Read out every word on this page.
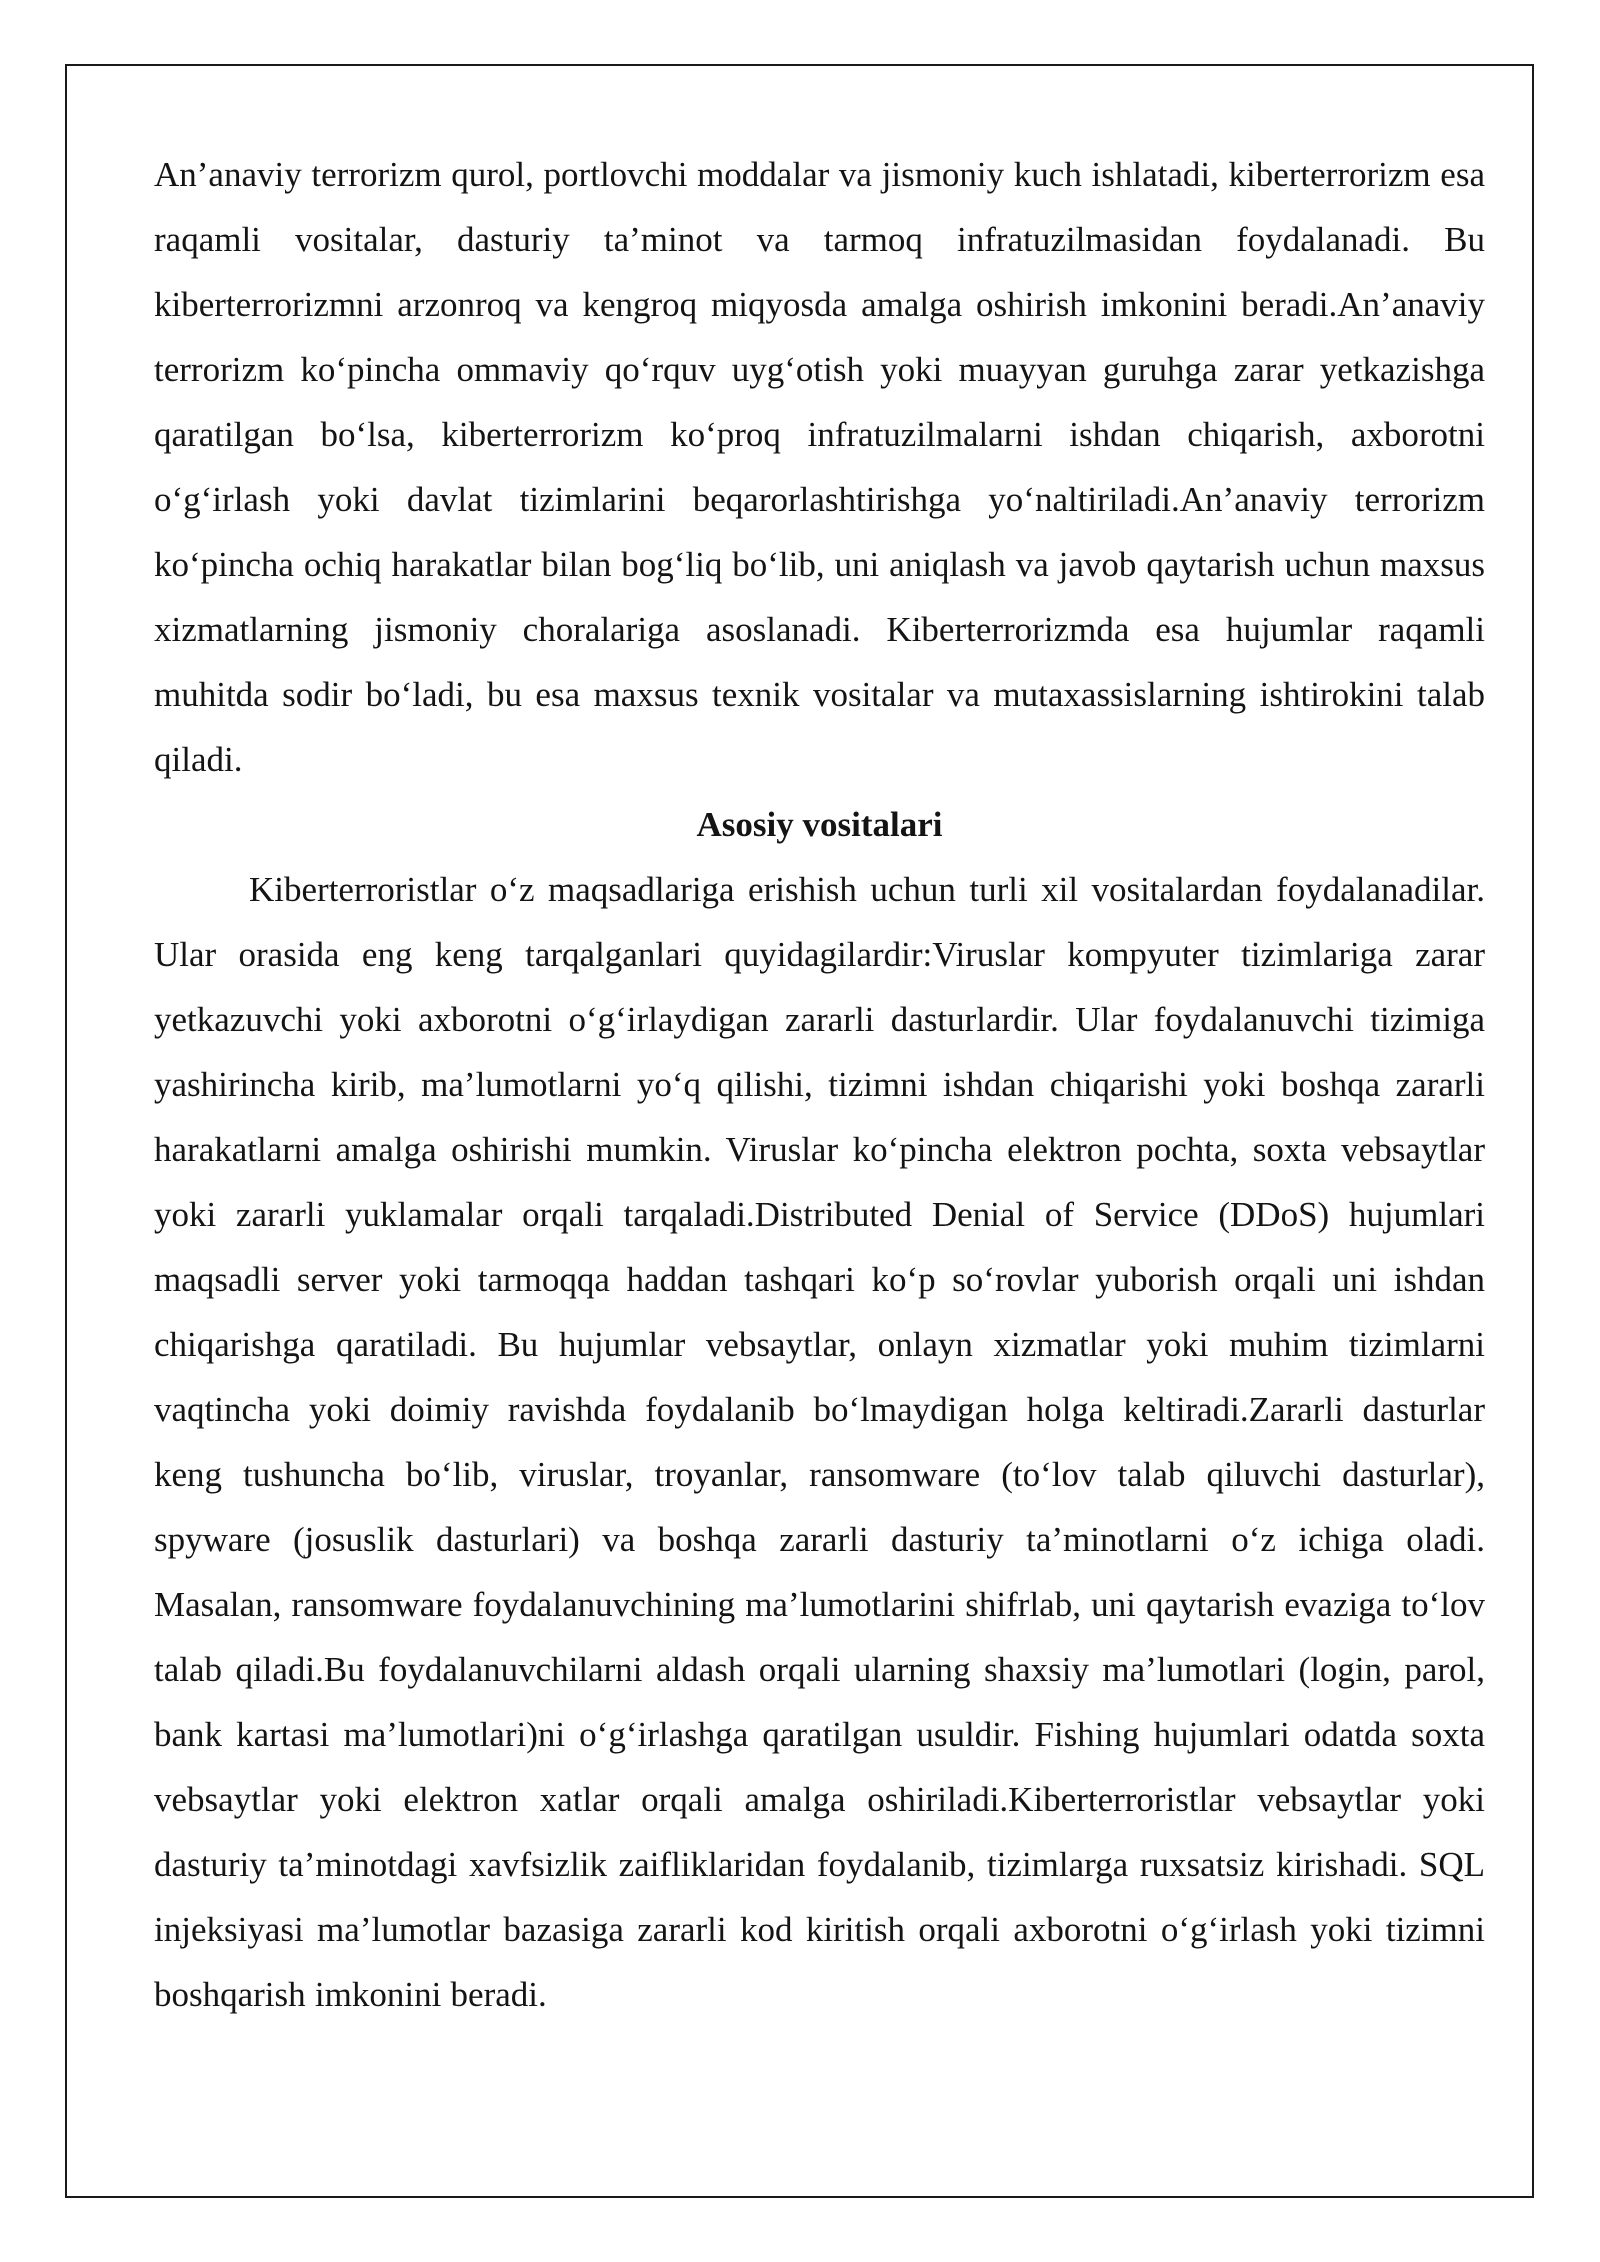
An’anaviy terrorizm qurol, portlovchi moddalar va jismoniy kuch ishlatadi, kiberterrorizm esa raqamli vositalar, dasturiy ta’minot va tarmoq infratuzilmasidan foydalanadi. Bu kiberterrorizmni arzonroq va kengroq miqyosda amalga oshirish imkonini beradi.An’anaviy terrorizm ko‘pincha ommaviy qo‘rquv uyg‘otish yoki muayyan guruhga zarar yetkazishga qaratilgan bo‘lsa, kiberterrorizm ko‘proq infratuzilmalarni ishdan chiqarish, axborotni o‘g‘irlash yoki davlat tizimlarini beqarorlashtirishga yo‘naltiriladi.An’anaviy terrorizm ko‘pincha ochiq harakatlar bilan bog‘liq bo‘lib, uni aniqlash va javob qaytarish uchun maxsus xizmatlarning jismoniy choralariga asoslanadi. Kiberterrorizmda esa hujumlar raqamli muhitda sodir bo‘ladi, bu esa maxsus texnik vositalar va mutaxassislarning ishtirokini talab qiladi.

Asosiy vositalari

Kiberterroristlar o‘z maqsadlariga erishish uchun turli xil vositalardan foydalanadilar. Ular orasida eng keng tarqalganlari quyidagilardir:Viruslar kompyuter tizimlariga zarar yetkazuvchi yoki axborotni o‘g‘irlaydigan zararli dasturlardir. Ular foydalanuvchi tizimiga yashirincha kirib, ma’lumotlarni yo‘q qilishi, tizimni ishdan chiqarishi yoki boshqa zararli harakatlarni amalga oshirishi mumkin. Viruslar ko‘pincha elektron pochta, soxta vebsaytlar yoki zararli yuklamalar orqali tarqaladi.Distributed Denial of Service (DDoS) hujumlari maqsadli server yoki tarmoqqa haddan tashqari ko‘p so‘rovlar yuborish orqali uni ishdan chiqarishga qaratiladi. Bu hujumlar vebsaytlar, onlayn xizmatlar yoki muhim tizimlarni vaqtincha yoki doimiy ravishda foydalanib bo‘lmaydigan holga keltiradi.Zararli dasturlar keng tushuncha bo‘lib, viruslar, troyanlar, ransomware (to‘lov talab qiluvchi dasturlar), spyware (josuslik dasturlari) va boshqa zararli dasturiy ta’minotlarni o‘z ichiga oladi. Masalan, ransomware foydalanuvchining ma’lumotlarini shifrlab, uni qaytarish evaziga to‘lov talab qiladi.Bu foydalanuvchilarni aldash orqali ularning shaxsiy ma’lumotlari (login, parol, bank kartasi ma’lumotlari)ni o‘g‘irlashga qaratilgan usuldir. Fishing hujumlari odatda soxta vebsaytlar yoki elektron xatlar orqali amalga oshiriladi.Kiberterroristlar vebsaytlar yoki dasturiy ta’minotdagi xavfsizlik zaifliklaridan foydalanib, tizimlarga ruxsatsiz kirishadi. SQL injeksiyasi ma’lumotlar bazasiga zararli kod kiritish orqali axborotni o‘g‘irlash yoki tizimni boshqarish imkonini beradi.
